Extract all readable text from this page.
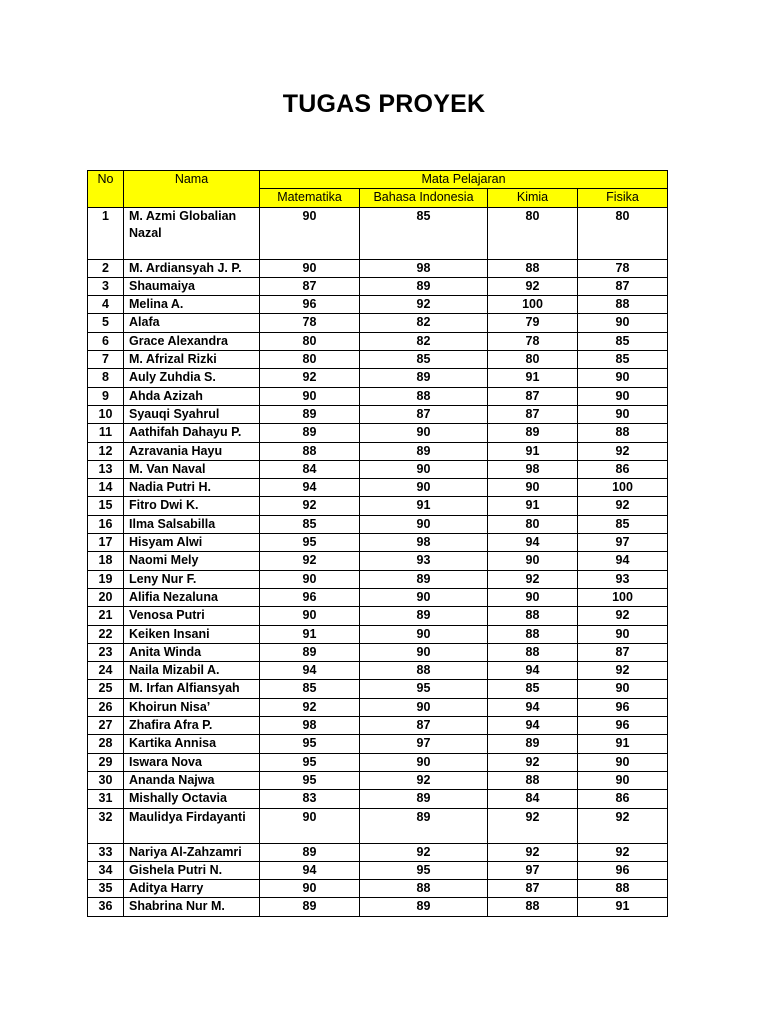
TUGAS PROYEK
No	Nama	Mata Pelajaran			
		Matematika	Bahasa Indonesia	Kimia	Fisika
1	M. Azmi Globalian Nazal	90	85	80	80
2	M. Ardiansyah J. P.	90	98	88	78
3	Shaumaiya	87	89	92	87
4	Melina A.	96	92	100	88
5	Alafa	78	82	79	90
6	Grace Alexandra	80	82	78	85
7	M. Afrizal Rizki	80	85	80	85
8	Auly Zuhdia S.	92	89	91	90
9	Ahda Azizah	90	88	87	90
10	Syauqi Syahrul	89	87	87	90
11	Aathifah Dahayu P.	89	90	89	88
12	Azravania Hayu	88	89	91	92
13	M. Van Naval	84	90	98	86
14	Nadia Putri H.	94	90	90	100
15	Fitro Dwi K.	92	91	91	92
16	Ilma Salsabilla	85	90	80	85
17	Hisyam Alwi	95	98	94	97
18	Naomi Mely	92	93	90	94
19	Leny Nur F.	90	89	92	93
20	Alifia Nezaluna	96	90	90	100
21	Venosa Putri	90	89	88	92
22	Keiken Insani	91	90	88	90
23	Anita Winda	89	90	88	87
24	Naila Mizabil A.	94	88	94	92
25	M. Irfan Alfiansyah	85	95	85	90
26	Khoirun Nisa’	92	90	94	96
27	Zhafira Afra P.	98	87	94	96
28	Kartika Annisa	95	97	89	91
29	Iswara Nova	95	90	92	90
30	Ananda Najwa	95	92	88	90
31	Mishally Octavia	83	89	84	86
32	Maulidya Firdayanti	90	89	92	92
33	Nariya Al-Zahzamri	89	92	92	92
34	Gishela Putri N.	94	95	97	96
35	Aditya Harry	90	88	87	88
36	Shabrina Nur M.	89	89	88	91
